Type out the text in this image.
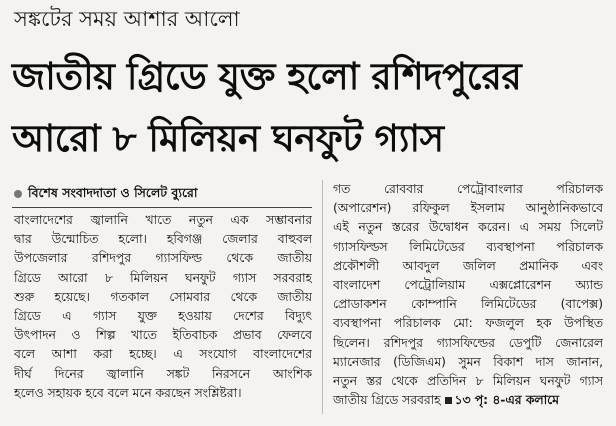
সঙ্কটের সময় আশার আলো
জাতীয় গ্রিডে যুক্ত হলো রশিদপুরের
আরো ৮ মিলিয়ন ঘনফুট গ্যাস
বিশেষ সংবাদদাতা ও সিলেট ব্যুরো
বাংলাদেশের জ্বালানি খাতে নতুন এক সম্ভাবনার
দ্বার উন্মোচিত হলো। হবিগঞ্জ জেলার বাহুবল
উপজেলার রশিদপুর গ্যাসফিল্ড থেকে জাতীয়
গ্রিডে আরো ৮ মিলিয়ন ঘনফুট গ্যাস সরবরাহ
শুরু হয়েছে। গতকাল সোমবার থেকে জাতীয়
গ্রিডে এ গ্যাস যুক্ত হওয়ায় দেশের বিদ্যুৎ
উৎপাদন ও শিল্প খাতে ইতিবাচক প্রভাব ফেলবে
বলে আশা করা হচ্ছে। এ সংযোগ বাংলাদেশের
দীর্ঘ দিনের জ্বালানি সঙ্কট নিরসনে আংশিক
হলেও সহায়ক হবে বলে মনে করছেন সংশ্লিষ্টরা।
গত রোববার পেট্রোবাংলার পরিচালক
(অপারেশন) রফিকুল ইসলাম আনুষ্ঠানিকভাবে
এই নতুন স্তরের উদ্বোধন করেন। এ সময় সিলেট
গ্যাসফিল্ডস লিমিটেডের ব্যবস্থাপনা পরিচালক
প্রকৌশলী আবদুল জলিল প্রমানিক এবং
বাংলাদেশ পেট্রোলিয়াম এক্সপ্লোরেশন অ্যান্ড
প্রোডাকশন কোম্পানি লিমিটেডের (বাপেক্স)
ব্যবস্থাপনা পরিচালক মো: ফজলুল হক উপস্থিত
ছিলেন। রশিদপুর গ্যাসফিল্ডের ডেপুটি জেনারেল
ম্যানেজার (ডিজিএম) সুমন বিকাশ দাস জানান,
নতুন স্তর থেকে প্রতিদিন ৮ মিলিয়ন ঘনফুট গ্যাস
জাতীয় গ্রিডে সরবরাহ ১৩ পৃ: ৪-এর কলামে
